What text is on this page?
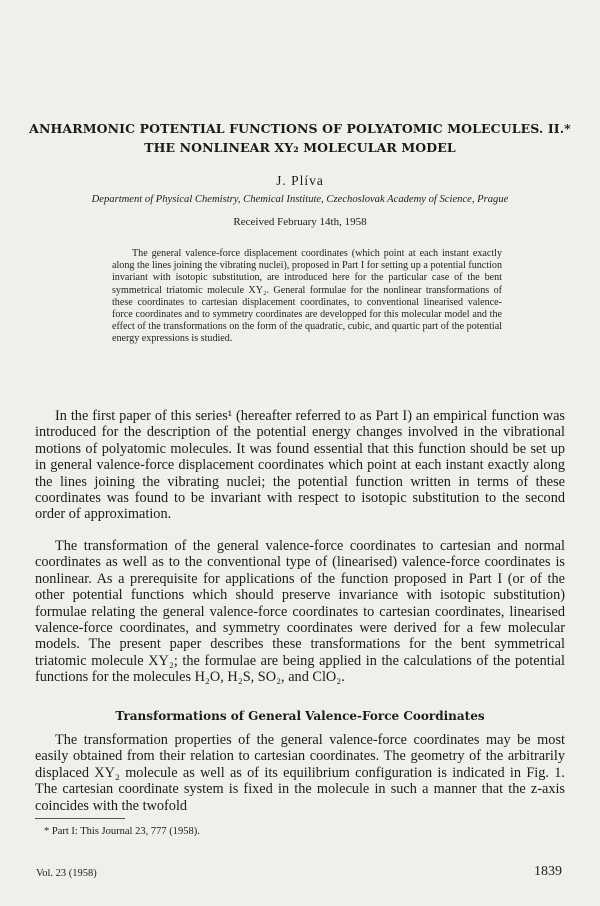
ANHARMONIC POTENTIAL FUNCTIONS OF POLYATOMIC MOLECULES. II.*
THE NONLINEAR XY₂ MOLECULAR MODEL
J. Plíva
Department of Physical Chemistry, Chemical Institute, Czechoslovak Academy of Science, Prague
Received February 14th, 1958
The general valence-force displacement coordinates (which point at each instant exactly along the lines joining the vibrating nuclei), proposed in Part I for setting up a potential function invariant with isotopic substitution, are introduced here for the particular case of the bent symmetrical triatomic molecule XY₂. General formulae for the nonlinear transformations of these coordinates to cartesian displacement coordinates, to conventional linearised valence-force coordinates and to symmetry coordinates are developped for this molecular model and the effect of the transformations on the form of the quadratic, cubic, and quartic part of the potential energy expressions is studied.
In the first paper of this series¹ (hereafter referred to as Part I) an empirical function was introduced for the description of the potential energy changes involved in the vibrational motions of polyatomic molecules. It was found essential that this function should be set up in general valence-force displacement coordinates which point at each instant exactly along the lines joining the vibrating nuclei; the potential function written in terms of these coordinates was found to be invariant with respect to isotopic substitution to the second order of approximation.
The transformation of the general valence-force coordinates to cartesian and normal coordinates as well as to the conventional type of (linearised) valence-force coordinates is nonlinear. As a prerequisite for applications of the function proposed in Part I (or of the other potential functions which should preserve invariance with isotopic substitution) formulae relating the general valence-force coordinates to cartesian coordinates, linearised valence-force coordinates, and symmetry coordinates were derived for a few molecular models. The present paper describes these transformations for the bent symmetrical triatomic molecule XY₂; the formulae are being applied in the calculations of the potential functions for the molecules H₂O, H₂S, SO₂, and ClO₂.
Transformations of General Valence-Force Coordinates
The transformation properties of the general valence-force coordinates may be most easily obtained from their relation to cartesian coordinates. The geometry of the arbitrarily displaced XY₂ molecule as well as of its equilibrium configuration is indicated in Fig. 1. The cartesian coordinate system is fixed in the molecule in such a manner that the z-axis coincides with the twofold
* Part I: This Journal 23, 777 (1958).
Vol. 23 (1958)	1839
